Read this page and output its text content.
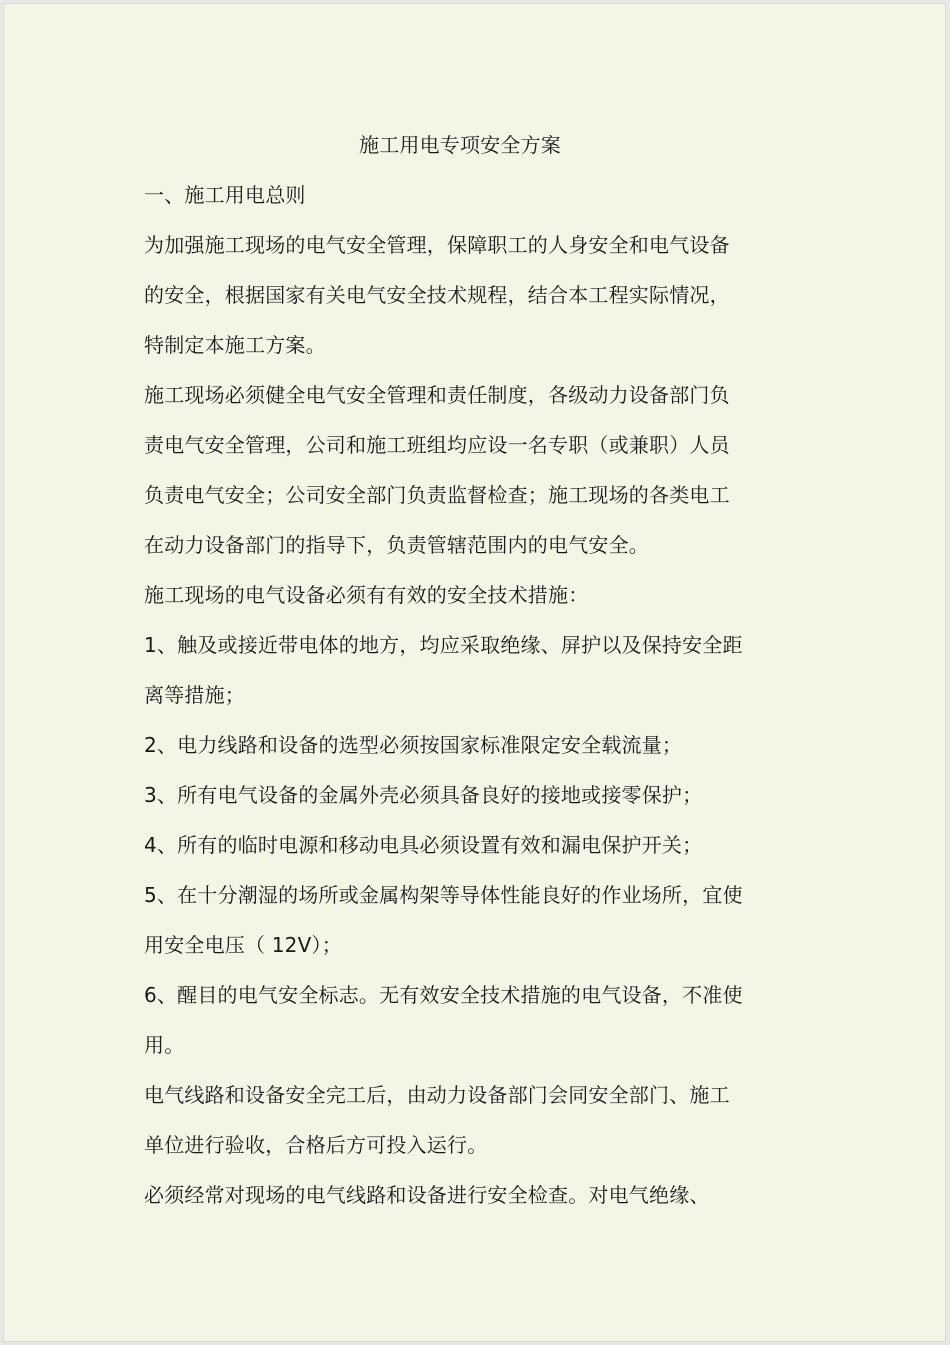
施工用电专项安全方案

一、施工用电总则

为加强施工现场的电气安全管理，保障职工的人身安全和电气设备

的安全，根据国家有关电气安全技术规程，结合本工程实际情况，

特制定本施工方案。

施工现场必须健全电气安全管理和责任制度，各级动力设备部门负

责电气安全管理，公司和施工班组均应设一名专职（或兼职）人员

负责电气安全；公司安全部门负责监督检查；施工现场的各类电工

在动力设备部门的指导下，负责管辖范围内的电气安全。

施工现场的电气设备必须有有效的安全技术措施：

1、触及或接近带电体的地方，均应采取绝缘、屏护以及保持安全距

离等措施；

2、电力线路和设备的选型必须按国家标准限定安全载流量；

3、所有电气设备的金属外壳必须具备良好的接地或接零保护；

4、所有的临时电源和移动电具必须设置有效和漏电保护开关；

5、在十分潮湿的场所或金属构架等导体性能良好的作业场所，宜使

用安全电压（ 12V）；

6、醒目的电气安全标志。无有效安全技术措施的电气设备，不准使

用。

电气线路和设备安全完工后，由动力设备部门会同安全部门、施工

单位进行验收，合格后方可投入运行。

必须经常对现场的电气线路和设备进行安全检查。对电气绝缘、
